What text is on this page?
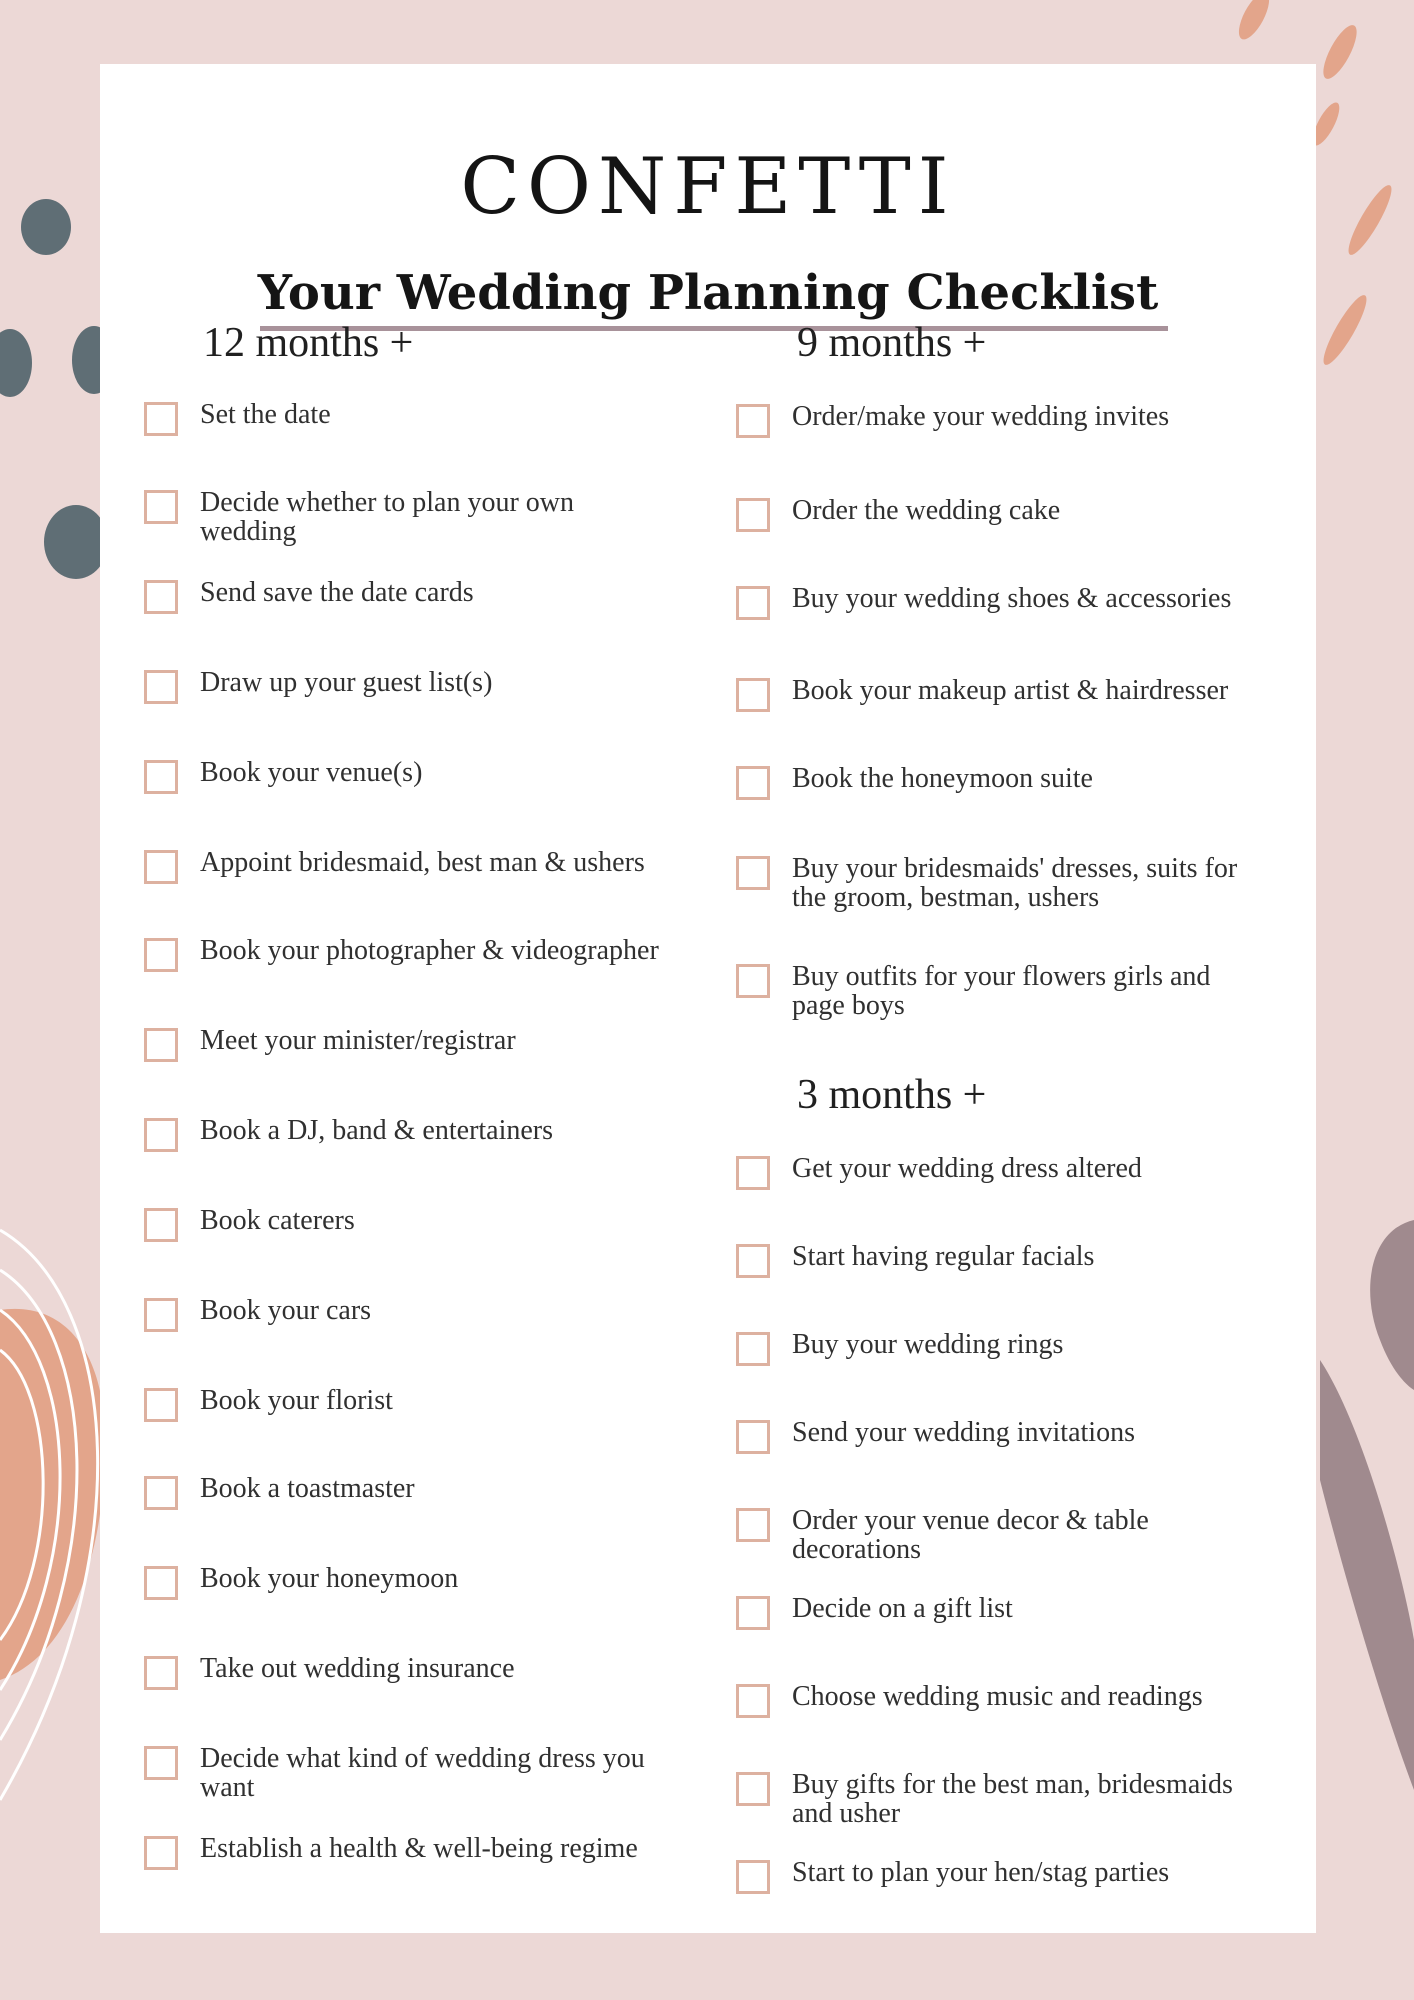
CONFETTI
Your Wedding Planning Checklist
12 months +
Set the date
Decide whether to plan your own wedding
Send save the date cards
Draw up your guest list(s)
Book your venue(s)
Appoint bridesmaid, best man & ushers
Book your photographer & videographer
Meet your minister/registrar
Book a DJ, band & entertainers
Book caterers
Book your cars
Book your florist
Book a toastmaster
Book your honeymoon
Take out wedding insurance
Decide what kind of wedding dress you want
Establish a health & well-being regime
9 months +
Order/make your wedding invites
Order the wedding cake
Buy your wedding shoes & accessories
Book your makeup artist & hairdresser
Book the honeymoon suite
Buy your bridesmaids' dresses, suits for the groom, bestman, ushers
Buy outfits for your flowers girls and page boys
3 months +
Get your wedding dress altered
Start having regular facials
Buy your wedding rings
Send your wedding invitations
Order your venue decor & table decorations
Decide on a gift list
Choose wedding music and readings
Buy gifts for the best man, bridesmaids and usher
Start to plan your hen/stag parties
